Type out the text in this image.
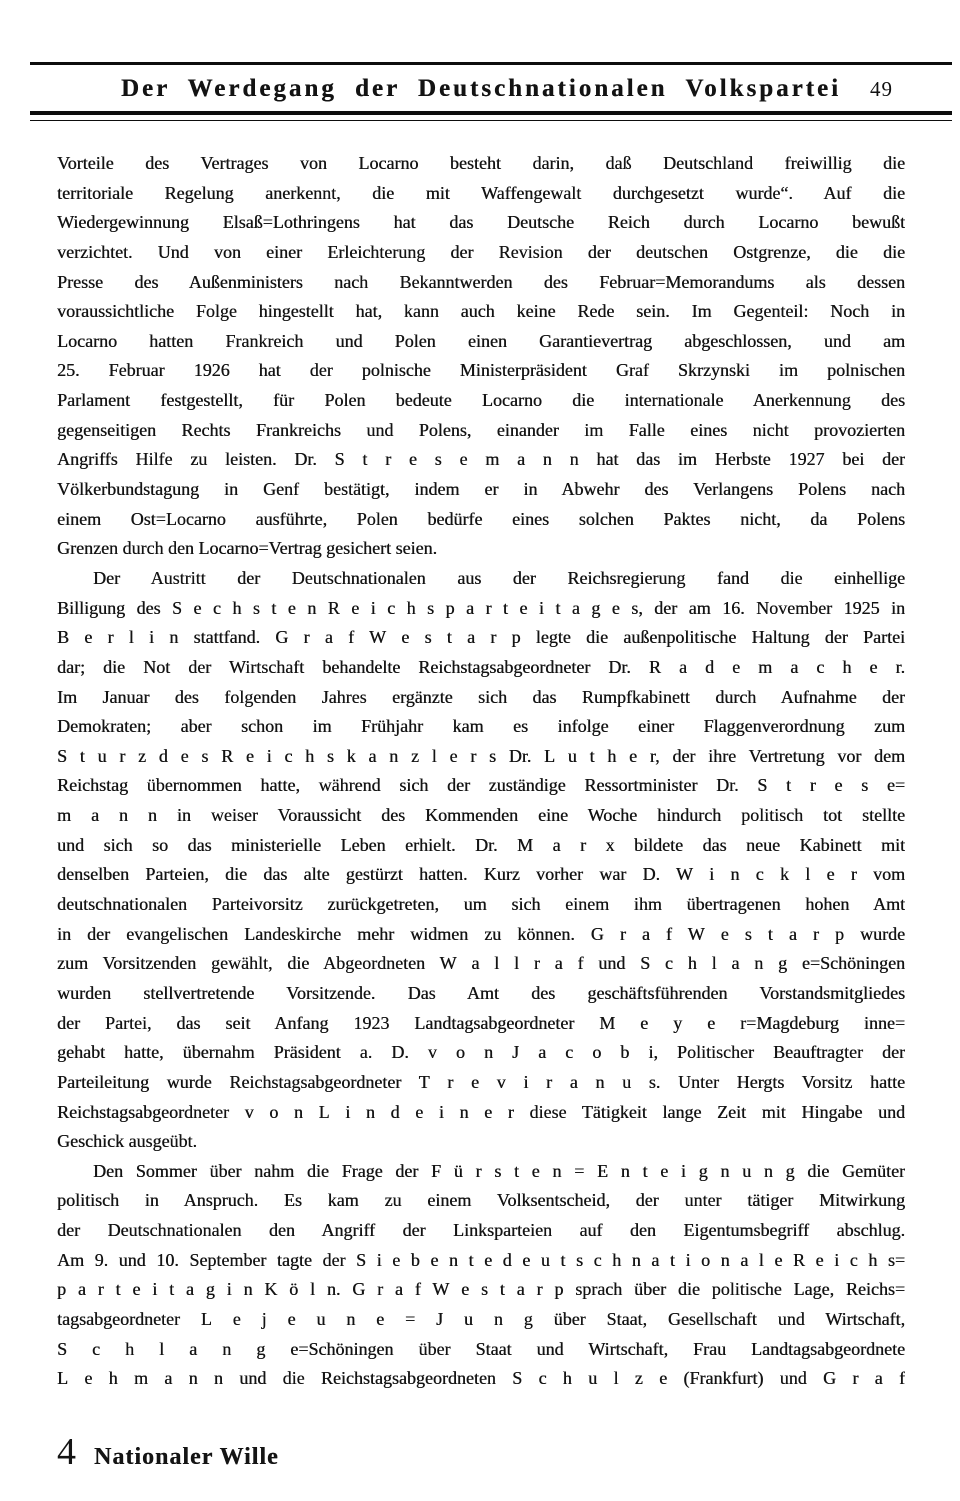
Der Werdegang der Deutschnationalen Volkspartei	49

Vorteile des Vertrages von Locarno besteht darin, daß Deutschland freiwillig die

territoriale Regelung anerkennt, die mit Waffengewalt durchgesetzt wurde“. Auf die

Wiedergewinnung Elsaß=Lothringens hat das Deutsche Reich durch Locarno bewußt

verzichtet. Und von einer Erleichterung der Revision der deutschen Ostgrenze, die die

Presse des Außenministers nach Bekanntwerden des Februar=Memorandums als dessen

voraussichtliche Folge hingestellt hat, kann auch keine Rede sein. Im Gegenteil: Noch in

Locarno hatten Frankreich und Polen einen Garantievertrag abgeschlossen, und am

25. Februar 1926 hat der polnische Ministerpräsident Graf Skrzynski im polnischen

Parlament festgestellt, für Polen bedeute Locarno die internationale Anerkennung des

gegenseitigen Rechts Frankreichs und Polens, einander im Falle eines nicht provozierten

Angriffs Hilfe zu leisten. Dr. S t r e s e m a n n hat das im Herbste 1927 bei der

Völkerbundstagung in Genf bestätigt, indem er in Abwehr des Verlangens Polens nach

einem Ost=Locarno ausführte, Polen bedürfe eines solchen Paktes nicht, da Polens

Grenzen durch den Locarno=Vertrag gesichert seien.

Der Austritt der Deutschnationalen aus der Reichsregierung fand die einhellige

Billigung des S e c h s t e n R e i c h s p a r t e i t a g e s, der am 16. November 1925 in

B e r l i n stattfand. G r a f W e s t a r p legte die außenpolitische Haltung der Partei

dar; die Not der Wirtschaft behandelte Reichstagsabgeordneter Dr. R a d e m a c h e r.

Im Januar des folgenden Jahres ergänzte sich das Rumpfkabinett durch Aufnahme der

Demokraten; aber schon im Frühjahr kam es infolge einer Flaggenverordnung zum

S t u r z d e s R e i c h s k a n z l e r s Dr. L u t h e r, der ihre Vertretung vor dem

Reichstag übernommen hatte, während sich der zuständige Ressortminister Dr. S t r e s e=

m a n n in weiser Voraussicht des Kommenden eine Woche hindurch politisch tot stellte

und sich so das ministerielle Leben erhielt. Dr. M a r x bildete das neue Kabinett mit

denselben Parteien, die das alte gestürzt hatten. Kurz vorher war D. W i n c k l e r vom

deutschnationalen Parteivorsitz zurückgetreten, um sich einem ihm übertragenen hohen Amt

in der evangelischen Landeskirche mehr widmen zu können. G r a f W e s t a r p wurde

zum Vorsitzenden gewählt, die Abgeordneten W a l l r a f und S c h l a n g e=Schöningen

wurden stellvertretende Vorsitzende. Das Amt des geschäftsführenden Vorstandsmitgliedes

der Partei, das seit Anfang 1923 Landtagsabgeordneter M e y e r=Magdeburg inne=

gehabt hatte, übernahm Präsident a. D. v o n J a c o b i, Politischer Beauftragter der

Parteileitung wurde Reichstagsabgeordneter T r e v i r a n u s. Unter Hergts Vorsitz hatte

Reichstagsabgeordneter v o n L i n d e i n e r diese Tätigkeit lange Zeit mit Hingabe und

Geschick ausgeübt.

Den Sommer über nahm die Frage der F ü r s t e n = E n t e i g n u n g die Gemüter

politisch in Anspruch. Es kam zu einem Volksentscheid, der unter tätiger Mitwirkung

der Deutschnationalen den Angriff der Linksparteien auf den Eigentumsbegriff abschlug.

Am 9. und 10. September tagte der S i e b e n t e d e u t s c h n a t i o n a l e R e i c h s=

p a r t e i t a g i n K ö l n. G r a f W e s t a r p sprach über die politische Lage, Reichs=

tagsabgeordneter L e j e u n e = J u n g über Staat, Gesellschaft und Wirtschaft,

S c h l a n g e=Schöningen über Staat und Wirtschaft, Frau Landtagsabgeordnete

L e h m a n n und die Reichstagsabgeordneten S c h u l z e (Frankfurt) und G r a f

4 Nationaler Wille
